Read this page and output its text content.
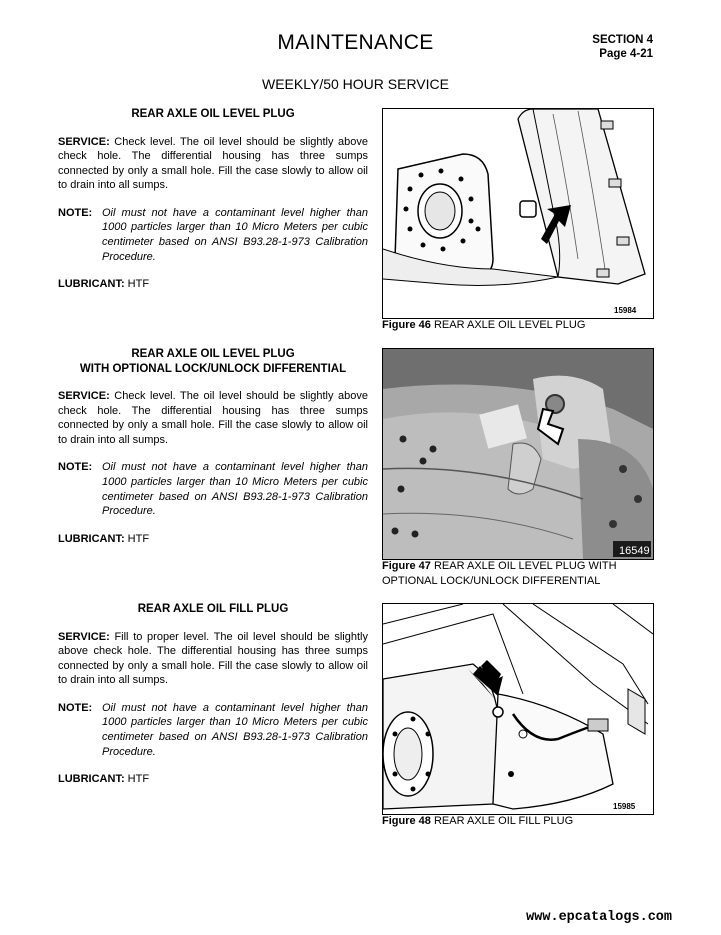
MAINTENANCE	SECTION 4
Page 4-21
WEEKLY/50 HOUR SERVICE
REAR AXLE OIL LEVEL PLUG
SERVICE: Check level. The oil level should be slightly above check hole. The differential housing has three sumps connected by only a small hole. Fill the case slowly to allow oil to drain into all sumps.
NOTE: Oil must not have a contaminant level higher than 1000 particles larger than 10 Micro Meters per cubic centimeter based on ANSI B93.28-1-973 Calibration Procedure.
LUBRICANT: HTF
REAR AXLE OIL LEVEL PLUG
WITH OPTIONAL LOCK/UNLOCK DIFFERENTIAL
SERVICE: Check level. The oil level should be slightly above check hole. The differential housing has three sumps connected by only a small hole. Fill the case slowly to allow oil to drain into all sumps.
NOTE: Oil must not have a contaminant level higher than 1000 particles larger than 10 Micro Meters per cubic centimeter based on ANSI B93.28-1-973 Calibration Procedure.
LUBRICANT: HTF
REAR AXLE OIL FILL PLUG
SERVICE: Fill to proper level. The oil level should be slightly above check hole. The differential housing has three sumps connected by only a small hole. Fill the case slowly to allow oil to drain into all sumps.
NOTE: Oil must not have a contaminant level higher than 1000 particles larger than 10 Micro Meters per cubic centimeter based on ANSI B93.28-1-973 Calibration Procedure.
LUBRICANT: HTF
15984
Figure 46 REAR AXLE OIL LEVEL PLUG
16549
Figure 47 REAR AXLE OIL LEVEL PLUG WITH
OPTIONAL LOCK/UNLOCK DIFFERENTIAL
15985
Figure 48 REAR AXLE OIL FILL PLUG
www.epcatalogs.com
